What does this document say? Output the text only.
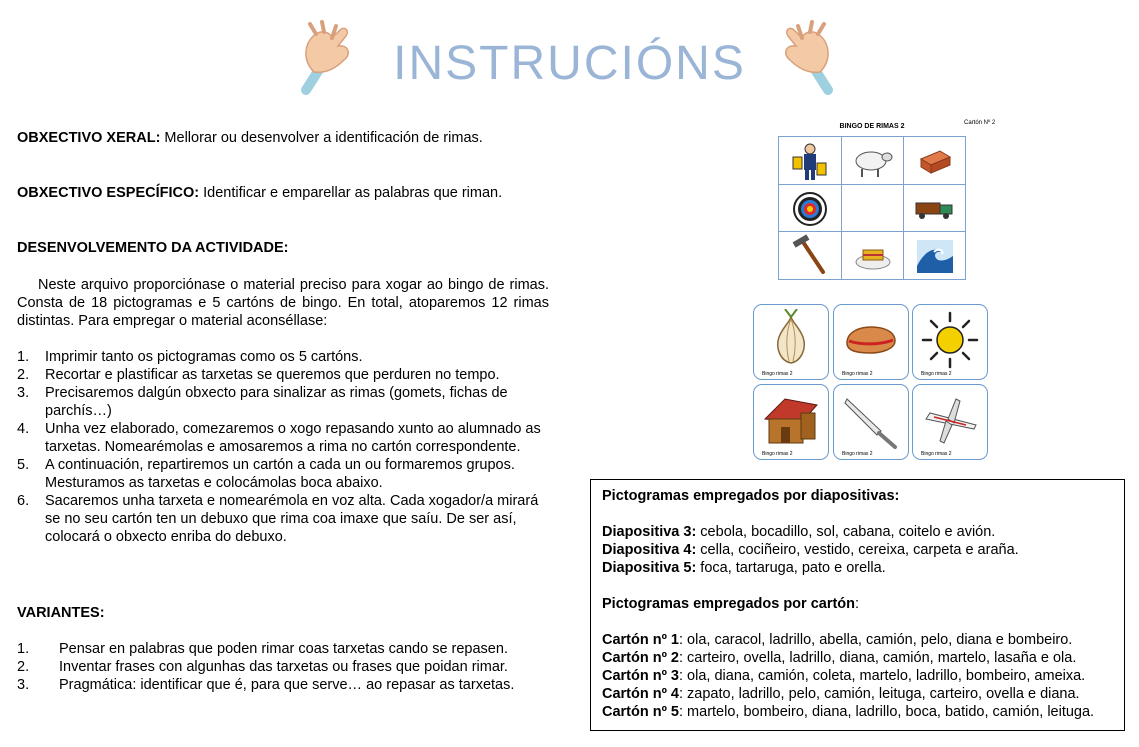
INSTRUCIÓNS
OBXECTIVO XERAL: Mellorar ou desenvolver a identificación de rimas.
OBXECTIVO ESPECÍFICO: Identificar e emparellar as palabras que riman.
DESENVOLVEMENTO DA ACTIVIDADE:
Neste arquivo proporciónase o material preciso para xogar ao bingo de rimas. Consta de 18 pictogramas e 5 cartóns de bingo. En total, atoparemos 12 rimas distintas. Para empregar o material aconséllase:
1. Imprimir tanto os pictogramas como os 5 cartóns.
2. Recortar e plastificar as tarxetas se queremos que perduren no tempo.
3. Precisaremos dalgún obxecto para sinalizar as rimas (gomets, fichas de parchís…)
4. Unha vez elaborado, comezaremos o xogo repasando xunto ao alumnado as tarxetas. Nomearémolas e amosaremos a rima no cartón correspondente.
5. A continuación, repartiremos un cartón a cada un ou formaremos grupos. Mesturamos as tarxetas e colocámolas boca abaixo.
6. Sacaremos unha tarxeta e nomearémola en voz alta. Cada xogador/a mirará se no seu cartón ten un debuxo que rima coa imaxe que saíu. De ser así, colocará o obxecto enriba do debuxo.
VARIANTES:
1. Pensar en palabras que poden rimar coas tarxetas cando se repasen.
2. Inventar frases con algunhas das tarxetas ou frases que poidan rimar.
3. Pragmática: identificar que é, para que serve… ao repasar as tarxetas.
BINGO DE RIMAS 2	Cartón Nº 2
Bingo rimas 2	Bingo rimas 2	Bingo rimas 2
Bingo rimas 2	Bingo rimas 2	Bingo rimas 2
Pictogramas empregados por diapositivas:
Diapositiva 3: cebola, bocadillo, sol, cabana, coitelo e avión.
Diapositiva 4: cella, cociñeiro, vestido, cereixa, carpeta e araña.
Diapositiva 5: foca, tartaruga, pato e orella.
Pictogramas empregados por cartón:
Cartón nº 1: ola, caracol, ladrillo, abella, camión, pelo, diana e bombeiro.
Cartón nº 2: carteiro, ovella, ladrillo, diana, camión, martelo, lasaña e ola.
Cartón nº 3: ola, diana, camión, coleta, martelo, ladrillo, bombeiro, ameixa.
Cartón nº 4: zapato, ladrillo, pelo, camión, leituga, carteiro, ovella e diana.
Cartón nº 5: martelo, bombeiro, diana, ladrillo, boca, batido, camión, leituga.
